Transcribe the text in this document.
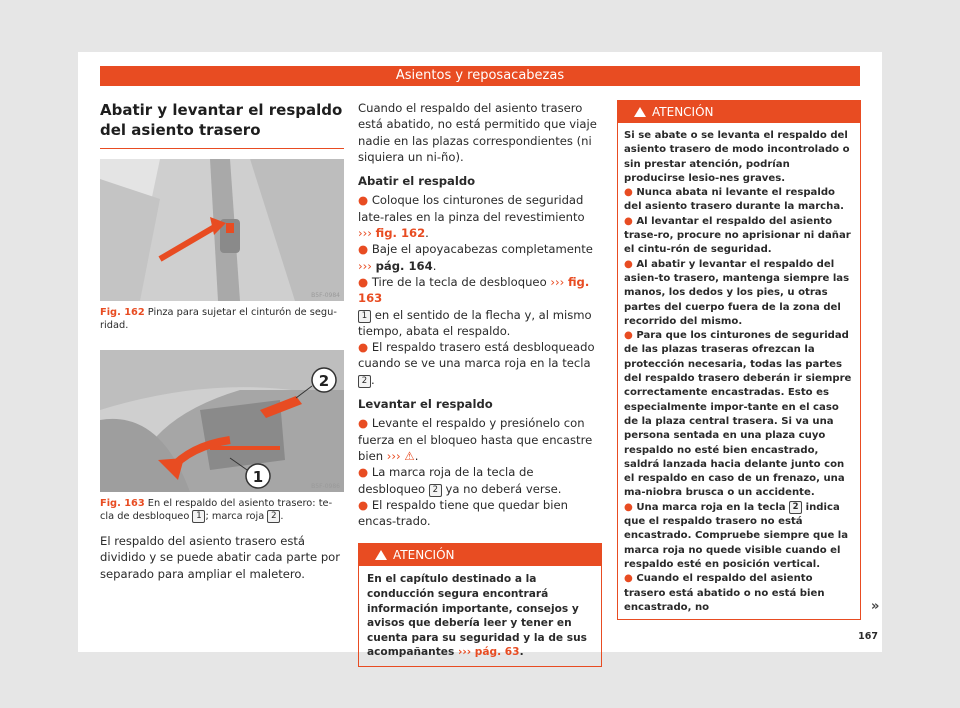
Asientos y reposacabezas
Abatir y levantar el respaldo del asiento trasero
B5F-0984
Fig. 162 Pinza para sujetar el cinturón de segu-ridad.
2
1
B5F-0986
Fig. 163 En el respaldo del asiento trasero: te-cla de desbloqueo 1 ; marca roja 2 .

El respaldo del asiento trasero está dividido y se puede abatir cada parte por separado para ampliar el maletero.

Cuando el respaldo del asiento trasero está abatido, no está permitido que viaje nadie en las plazas correspondientes (ni siquiera un ni-ño).

Abatir el respaldo

● Coloque los cinturones de seguridad late-rales en la pinza del revestimiento ››› fig. 162.

● Baje el apoyacabezas completamente ››› pág. 164.

● Tire de la tecla de desbloqueo ››› fig. 163
1 en el sentido de la flecha y, al mismo tiempo, abata el respaldo.

● El respaldo trasero está desbloqueado cuando se ve una marca roja en la tecla 2 .

Levantar el respaldo

● Levante el respaldo y presiónelo con fuerza en el bloqueo hasta que encastre bien ››› ⚠.

● La marca roja de la tecla de desbloqueo 2 ya no deberá verse.

● El respaldo tiene que quedar bien encas-trado.

ATENCIÓN
En el capítulo destinado a la conducción segura encontrará información importante, consejos y avisos que debería leer y tener en cuenta para su seguridad y la de sus acompañantes ››› pág. 63.
ATENCIÓN

Si se abate o se levanta el respaldo del asiento trasero de modo incontrolado o sin prestar atención, podrían producirse lesio-nes graves.

● Nunca abata ni levante el respaldo del asiento trasero durante la marcha.

● Al levantar el respaldo del asiento trase-ro, procure no aprisionar ni dañar el cintu-rón de seguridad.

● Al abatir y levantar el respaldo del asien-to trasero, mantenga siempre las manos, los dedos y los pies, u otras partes del cuerpo fuera de la zona del recorrido del mismo.

● Para que los cinturones de seguridad de las plazas traseras ofrezcan la protección necesaria, todas las partes del respaldo trasero deberán ir siempre correctamente encastradas. Esto es especialmente impor-tante en el caso de la plaza central trasera. Si va una persona sentada en una plaza cuyo respaldo no esté bien encastrado, saldrá lanzada hacia delante junto con el respaldo en caso de un frenazo, una ma-niobra brusca o un accidente.

● Una marca roja en la tecla 2 indica que el respaldo trasero no está encastrado. Compruebe siempre que la marca roja no quede visible cuando el respaldo esté en posición vertical.

● Cuando el respaldo del asiento trasero está abatido o no está bien encastrado, no	»
167
